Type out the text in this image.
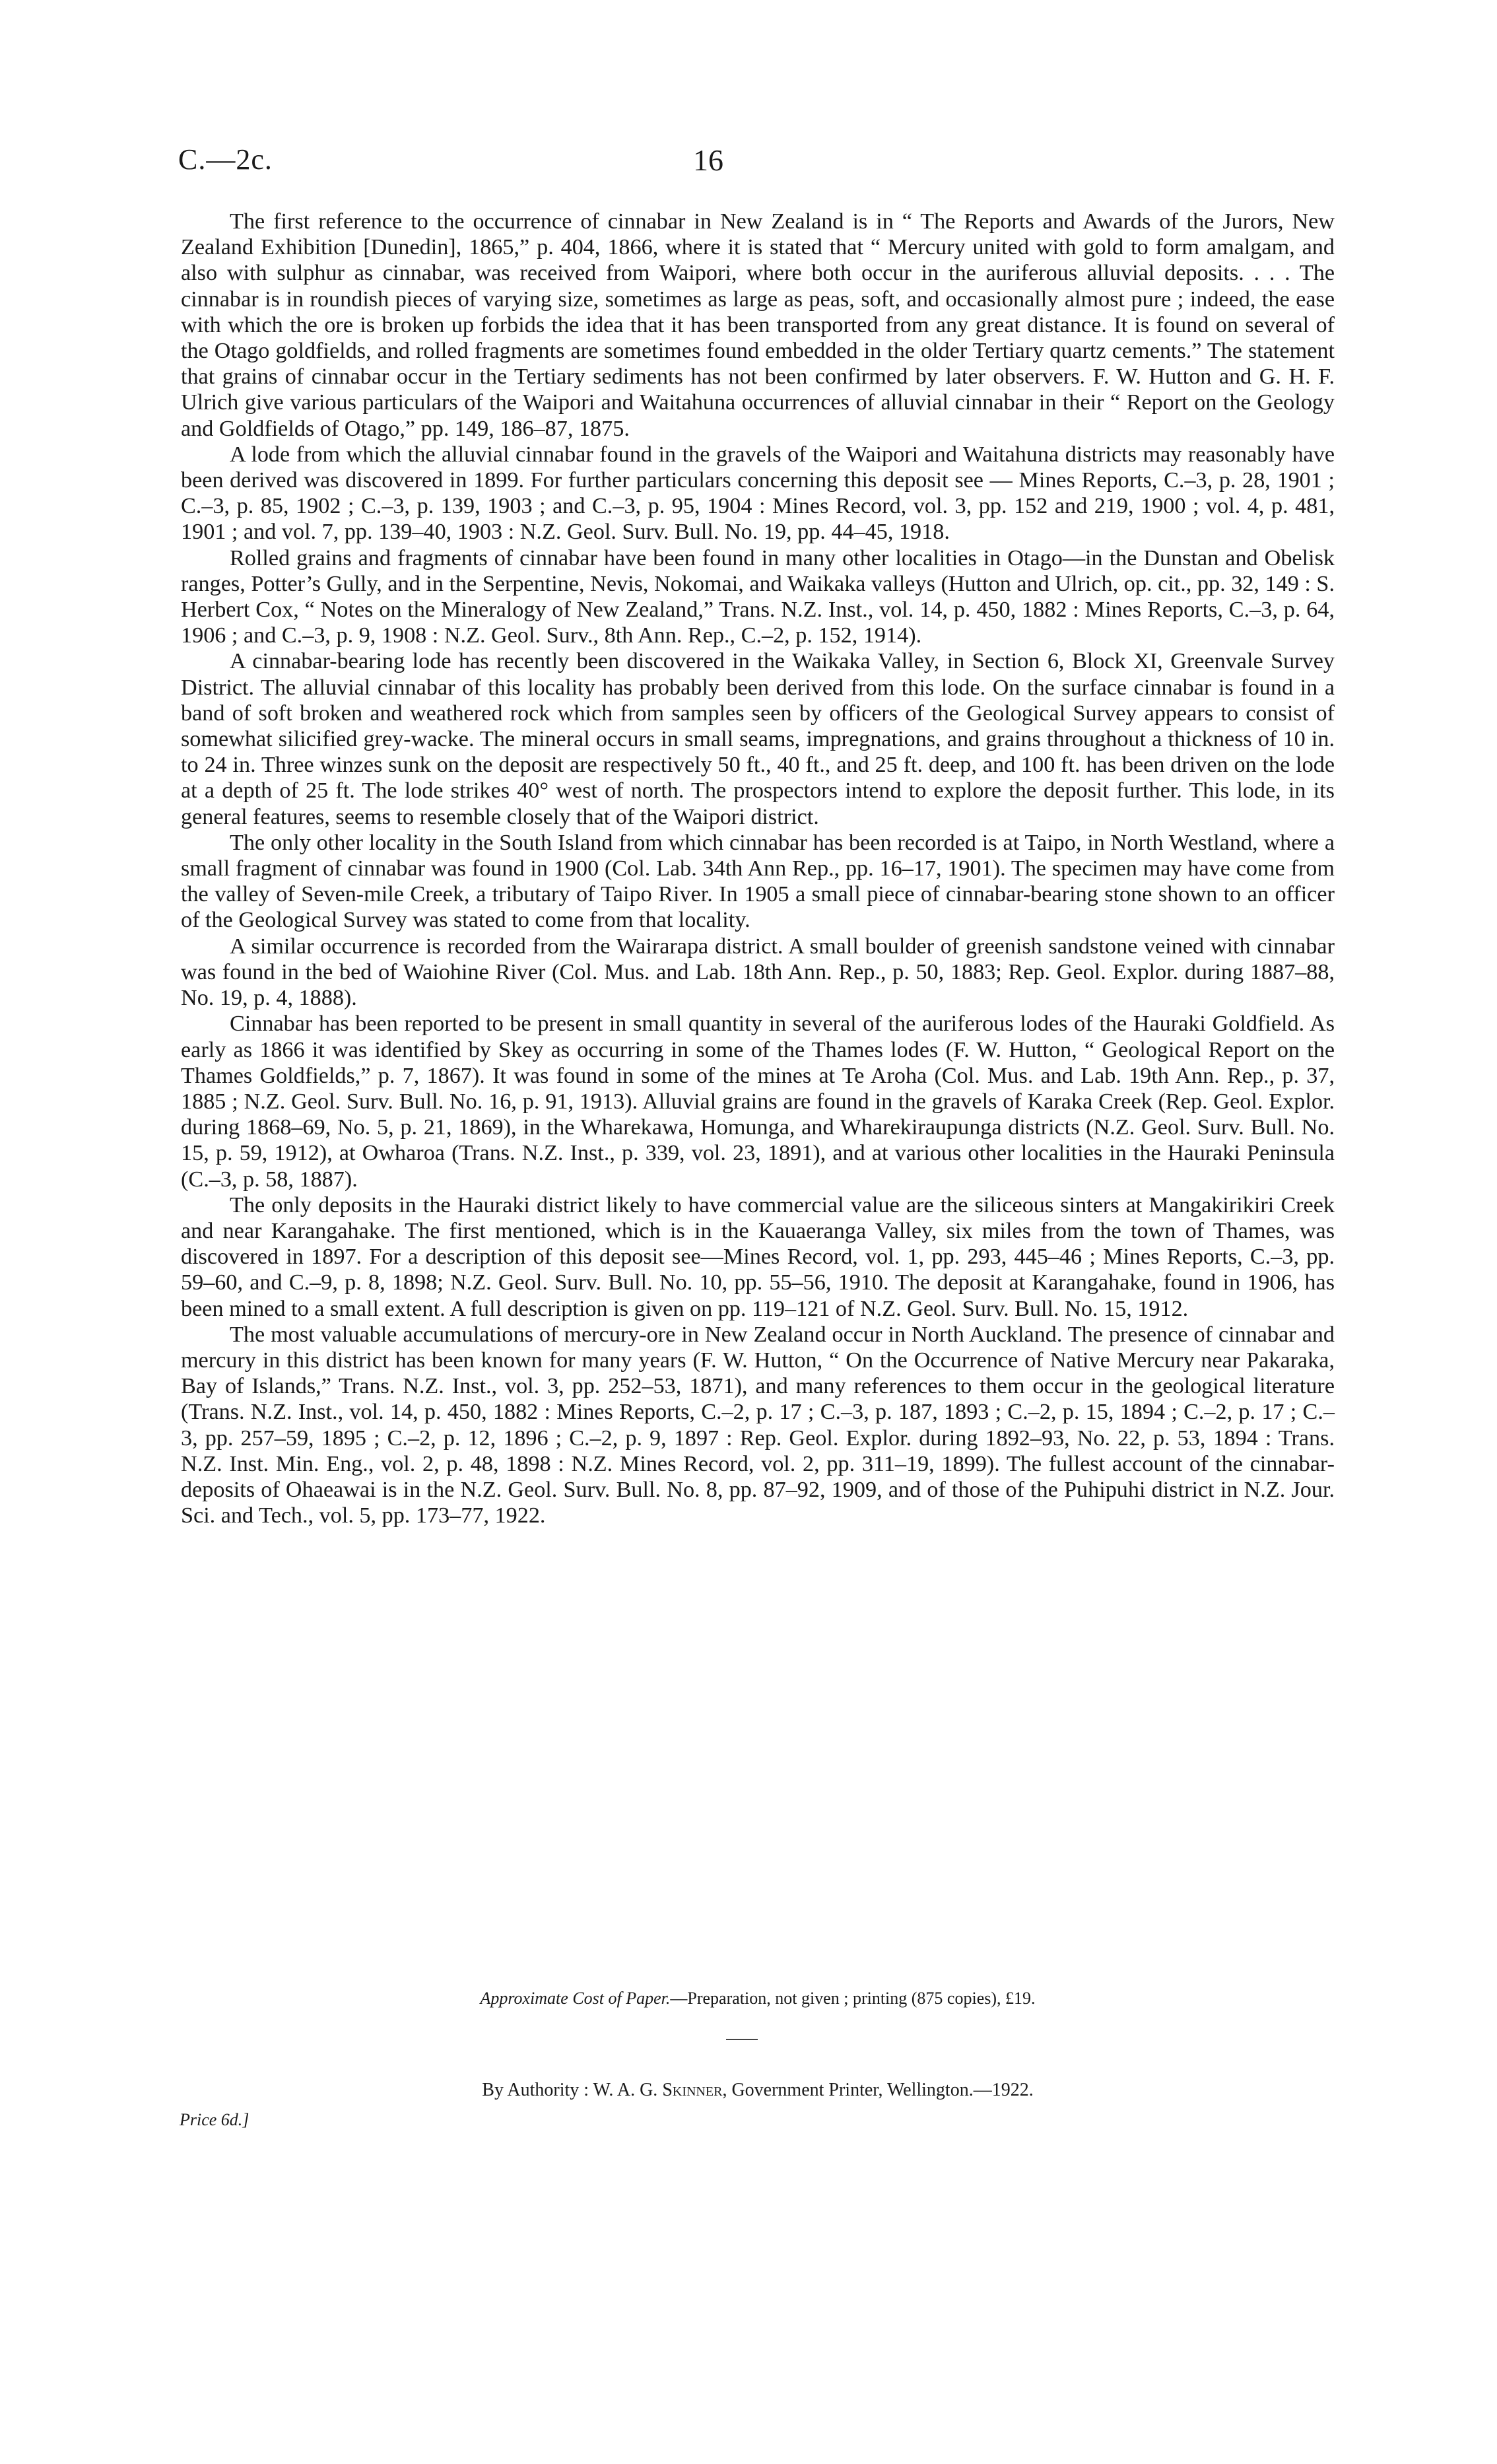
C.—2c.	16

The first reference to the occurrence of cinnabar in New Zealand is in “ The Reports and Awards of the Jurors, New Zealand Exhibition [Dunedin], 1865,” p. 404, 1866, where it is stated that “ Mercury united with gold to form amalgam, and also with sulphur as cinnabar, was received from Waipori, where both occur in the auriferous alluvial deposits. . . . The cinnabar is in roundish pieces of varying size, sometimes as large as peas, soft, and occasionally almost pure ; indeed, the ease with which the ore is broken up forbids the idea that it has been transported from any great distance. It is found on several of the Otago goldfields, and rolled fragments are sometimes found embedded in the older Tertiary quartz cements.” The statement that grains of cinnabar occur in the Tertiary sediments has not been confirmed by later observers. F. W. Hutton and G. H. F. Ulrich give various particulars of the Waipori and Waitahuna occurrences of alluvial cinnabar in their “ Report on the Geology and Goldfields of Otago,” pp. 149, 186–87, 1875.

A lode from which the alluvial cinnabar found in the gravels of the Waipori and Waitahuna districts may reasonably have been derived was discovered in 1899. For further particulars concerning this deposit see — Mines Reports, C.–3, p. 28, 1901 ; C.–3, p. 85, 1902 ; C.–3, p. 139, 1903 ; and C.–3, p. 95, 1904 : Mines Record, vol. 3, pp. 152 and 219, 1900 ; vol. 4, p. 481, 1901 ; and vol. 7, pp. 139–40, 1903 : N.Z. Geol. Surv. Bull. No. 19, pp. 44–45, 1918.

Rolled grains and fragments of cinnabar have been found in many other localities in Otago—in the Dunstan and Obelisk ranges, Potter’s Gully, and in the Serpentine, Nevis, Nokomai, and Waikaka valleys (Hutton and Ulrich, op. cit., pp. 32, 149 : S. Herbert Cox, “ Notes on the Mineralogy of New Zealand,” Trans. N.Z. Inst., vol. 14, p. 450, 1882 : Mines Reports, C.–3, p. 64, 1906 ; and C.–3, p. 9, 1908 : N.Z. Geol. Surv., 8th Ann. Rep., C.–2, p. 152, 1914).

A cinnabar-bearing lode has recently been discovered in the Waikaka Valley, in Section 6, Block XI, Greenvale Survey District. The alluvial cinnabar of this locality has probably been derived from this lode. On the surface cinnabar is found in a band of soft broken and weathered rock which from samples seen by officers of the Geological Survey appears to consist of somewhat silicified grey-wacke. The mineral occurs in small seams, impregnations, and grains throughout a thickness of 10 in. to 24 in. Three winzes sunk on the deposit are respectively 50 ft., 40 ft., and 25 ft. deep, and 100 ft. has been driven on the lode at a depth of 25 ft. The lode strikes 40° west of north. The prospectors intend to explore the deposit further. This lode, in its general features, seems to resemble closely that of the Waipori district.

The only other locality in the South Island from which cinnabar has been recorded is at Taipo, in North Westland, where a small fragment of cinnabar was found in 1900 (Col. Lab. 34th Ann Rep., pp. 16–17, 1901). The specimen may have come from the valley of Seven-mile Creek, a tributary of Taipo River. In 1905 a small piece of cinnabar-bearing stone shown to an officer of the Geological Survey was stated to come from that locality.

A similar occurrence is recorded from the Wairarapa district. A small boulder of greenish sandstone veined with cinnabar was found in the bed of Waiohine River (Col. Mus. and Lab. 18th Ann. Rep., p. 50, 1883; Rep. Geol. Explor. during 1887–88, No. 19, p. 4, 1888).

Cinnabar has been reported to be present in small quantity in several of the auriferous lodes of the Hauraki Goldfield. As early as 1866 it was identified by Skey as occurring in some of the Thames lodes (F. W. Hutton, “ Geological Report on the Thames Goldfields,” p. 7, 1867). It was found in some of the mines at Te Aroha (Col. Mus. and Lab. 19th Ann. Rep., p. 37, 1885 ; N.Z. Geol. Surv. Bull. No. 16, p. 91, 1913). Alluvial grains are found in the gravels of Karaka Creek (Rep. Geol. Explor. during 1868–69, No. 5, p. 21, 1869), in the Wharekawa, Homunga, and Wharekiraupunga districts (N.Z. Geol. Surv. Bull. No. 15, p. 59, 1912), at Owharoa (Trans. N.Z. Inst., p. 339, vol. 23, 1891), and at various other localities in the Hauraki Peninsula (C.–3, p. 58, 1887).

The only deposits in the Hauraki district likely to have commercial value are the siliceous sinters at Mangakirikiri Creek and near Karangahake. The first mentioned, which is in the Kauaeranga Valley, six miles from the town of Thames, was discovered in 1897. For a description of this deposit see—Mines Record, vol. 1, pp. 293, 445–46 ; Mines Reports, C.–3, pp. 59–60, and C.–9, p. 8, 1898; N.Z. Geol. Surv. Bull. No. 10, pp. 55–56, 1910. The deposit at Karangahake, found in 1906, has been mined to a small extent. A full description is given on pp. 119–121 of N.Z. Geol. Surv. Bull. No. 15, 1912.

The most valuable accumulations of mercury-ore in New Zealand occur in North Auckland. The presence of cinnabar and mercury in this district has been known for many years (F. W. Hutton, “ On the Occurrence of Native Mercury near Pakaraka, Bay of Islands,” Trans. N.Z. Inst., vol. 3, pp. 252–53, 1871), and many references to them occur in the geological literature (Trans. N.Z. Inst., vol. 14, p. 450, 1882 : Mines Reports, C.–2, p. 17 ; C.–3, p. 187, 1893 ; C.–2, p. 15, 1894 ; C.–2, p. 17 ; C.–3, pp. 257–59, 1895 ; C.–2, p. 12, 1896 ; C.–2, p. 9, 1897 : Rep. Geol. Explor. during 1892–93, No. 22, p. 53, 1894 : Trans. N.Z. Inst. Min. Eng., vol. 2, p. 48, 1898 : N.Z. Mines Record, vol. 2, pp. 311–19, 1899). The fullest account of the cinnabar-deposits of Ohaeawai is in the N.Z. Geol. Surv. Bull. No. 8, pp. 87–92, 1909, and of those of the Puhipuhi district in N.Z. Jour. Sci. and Tech., vol. 5, pp. 173–77, 1922.

Approximate Cost of Paper.—Preparation, not given ; printing (875 copies), £19.
By Authority : W. A. G. Skinner, Government Printer, Wellington.—1922.
Price 6d.]
